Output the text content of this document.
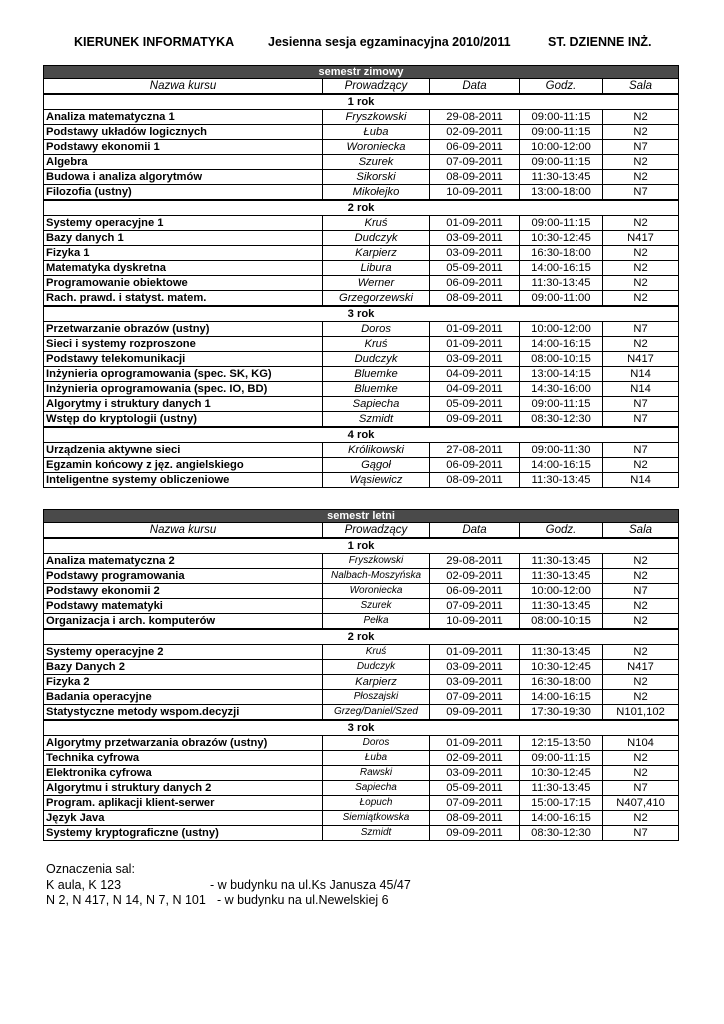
KIERUNEK INFORMATYKA	Jesienna sesja egzaminacyjna 2010/2011	ST. DZIENNE INŻ.
semestr zimowy				
Nazwa kursu	Prowadzący	Data	Godz.	Sala
1 rok				
Analiza matematyczna 1	Fryszkowski	29-08-2011	09:00-11:15	N2
Podstawy układów logicznych	Łuba	02-09-2011	09:00-11:15	N2
Podstawy ekonomii 1	Woroniecka	06-09-2011	10:00-12:00	N7
Algebra	Szurek	07-09-2011	09:00-11:15	N2
Budowa i analiza algorytmów	Sikorski	08-09-2011	11:30-13:45	N2
Filozofia (ustny)	Mikołejko	10-09-2011	13:00-18:00	N7
2 rok				
Systemy operacyjne 1	Kruś	01-09-2011	09:00-11:15	N2
Bazy danych 1	Dudczyk	03-09-2011	10:30-12:45	N417
Fizyka 1	Karpierz	03-09-2011	16:30-18:00	N2
Matematyka dyskretna	Libura	05-09-2011	14:00-16:15	N2
Programowanie obiektowe	Werner	06-09-2011	11:30-13:45	N2
Rach. prawd. i statyst. matem.	Grzegorzewski	08-09-2011	09:00-11:00	N2
3 rok				
Przetwarzanie obrazów (ustny)	Doros	01-09-2011	10:00-12:00	N7
Sieci i systemy rozproszone	Kruś	01-09-2011	14:00-16:15	N2
Podstawy telekomunikacji	Dudczyk	03-09-2011	08:00-10:15	N417
Inżynieria oprogramowania (spec. SK, KG)	Bluemke	04-09-2011	13:00-14:15	N14
Inżynieria oprogramowania (spec. IO, BD)	Bluemke	04-09-2011	14:30-16:00	N14
Algorytmy i struktury danych 1	Sapiecha	05-09-2011	09:00-11:15	N7
Wstęp do kryptologii (ustny)	Szmidt	09-09-2011	08:30-12:30	N7
4 rok				
Urządzenia aktywne sieci	Królikowski	27-08-2011	09:00-11:30	N7
Egzamin końcowy z jęz. angielskiego	Gągoł	06-09-2011	14:00-16:15	N2
Inteligentne systemy obliczeniowe	Wąsiewicz	08-09-2011	11:30-13:45	N14
semestr letni				
Nazwa kursu	Prowadzący	Data	Godz.	Sala
1 rok				
Analiza matematyczna 2	Fryszkowski	29-08-2011	11:30-13:45	N2
Podstawy programowania	Nalbach-Moszyńska	02-09-2011	11:30-13:45	N2
Podstawy ekonomii 2	Woroniecka	06-09-2011	10:00-12:00	N7
Podstawy matematyki	Szurek	07-09-2011	11:30-13:45	N2
Organizacja i arch. komputerów	Pełka	10-09-2011	08:00-10:15	N2
2 rok				
Systemy operacyjne 2	Kruś	01-09-2011	11:30-13:45	N2
Bazy Danych 2	Dudczyk	03-09-2011	10:30-12:45	N417
Fizyka 2	Karpierz	03-09-2011	16:30-18:00	N2
Badania operacyjne	Płoszajski	07-09-2011	14:00-16:15	N2
Statystyczne metody wspom.decyzji	Grzeg/Daniel/Szed	09-09-2011	17:30-19:30	N101,102
3 rok				
Algorytmy przetwarzania obrazów (ustny)	Doros	01-09-2011	12:15-13:50	N104
Technika cyfrowa	Łuba	02-09-2011	09:00-11:15	N2
Elektronika cyfrowa	Rawski	03-09-2011	10:30-12:45	N2
Algorytmu i struktury danych 2	Sapiecha	05-09-2011	11:30-13:45	N7
Program. aplikacji klient-serwer	Łopuch	07-09-2011	15:00-17:15	N407,410
Język Java	Siemiątkowska	08-09-2011	14:00-16:15	N2
Systemy kryptograficzne (ustny)	Szmidt	09-09-2011	08:30-12:30	N7
Oznaczenia sal:
K aula, K 123	- w budynku na ul.Ks Janusza 45/47
N 2, N 417, N 14, N 7, N 101 - w budynku na ul.Newelskiej 6
